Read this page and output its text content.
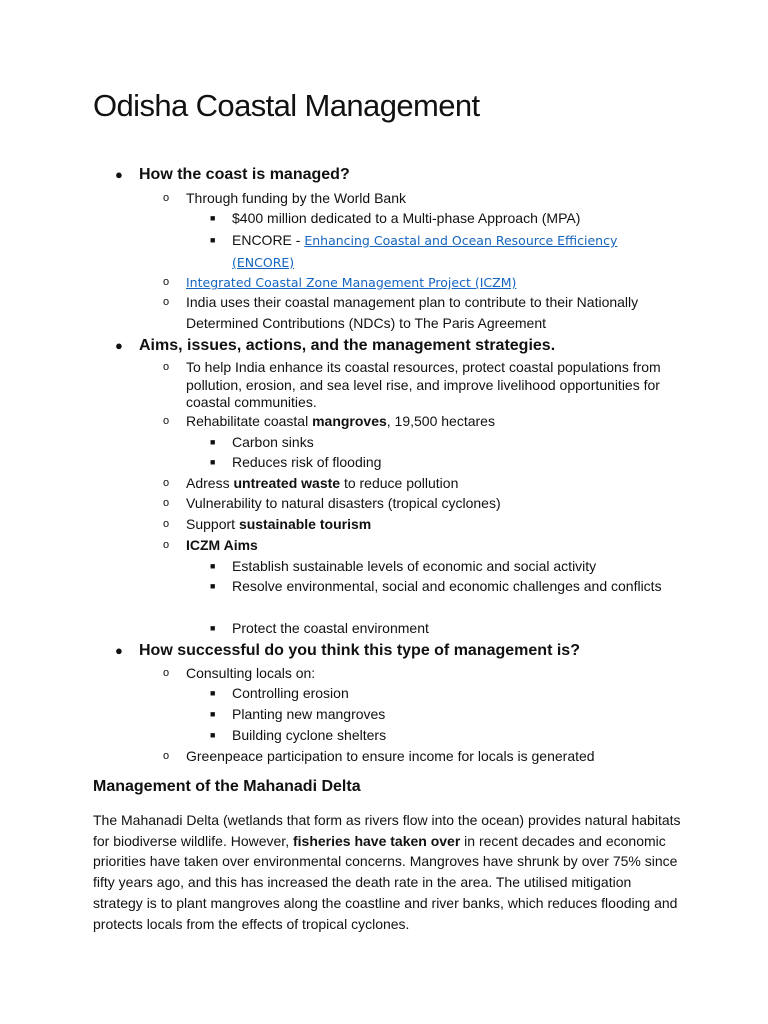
Odisha Coastal Management
● How the coast is managed?
o Through funding by the World Bank
■ $400 million dedicated to a Multi-phase Approach (MPA)
■ ENCORE - Enhancing Coastal and Ocean Resource Efficiency (ENCORE)
o Integrated Coastal Zone Management Project (ICZM)
o India uses their coastal management plan to contribute to their Nationally Determined Contributions (NDCs) to The Paris Agreement
● Aims, issues, actions, and the management strategies.
o To help India enhance its coastal resources, protect coastal populations from pollution, erosion, and sea level rise, and improve livelihood opportunities for coastal communities.
o Rehabilitate coastal mangroves, 19,500 hectares
■ Carbon sinks
■ Reduces risk of flooding
o Adress untreated waste to reduce pollution
o Vulnerability to natural disasters (tropical cyclones)
o Support sustainable tourism
o ICZM Aims
■ Establish sustainable levels of economic and social activity
■ Resolve environmental, social and economic challenges and conflicts
■ Protect the coastal environment
● How successful do you think this type of management is?
o Consulting locals on:
■ Controlling erosion
■ Planting new mangroves
■ Building cyclone shelters
o Greenpeace participation to ensure income for locals is generated
Management of the Mahanadi Delta

The Mahanadi Delta (wetlands that form as rivers flow into the ocean) provides natural habitats for biodiverse wildlife. However, fisheries have taken over in recent decades and economic priorities have taken over environmental concerns. Mangroves have shrunk by over 75% since fifty years ago, and this has increased the death rate in the area. The utilised mitigation strategy is to plant mangroves along the coastline and river banks, which reduces flooding and protects locals from the effects of tropical cyclones.
